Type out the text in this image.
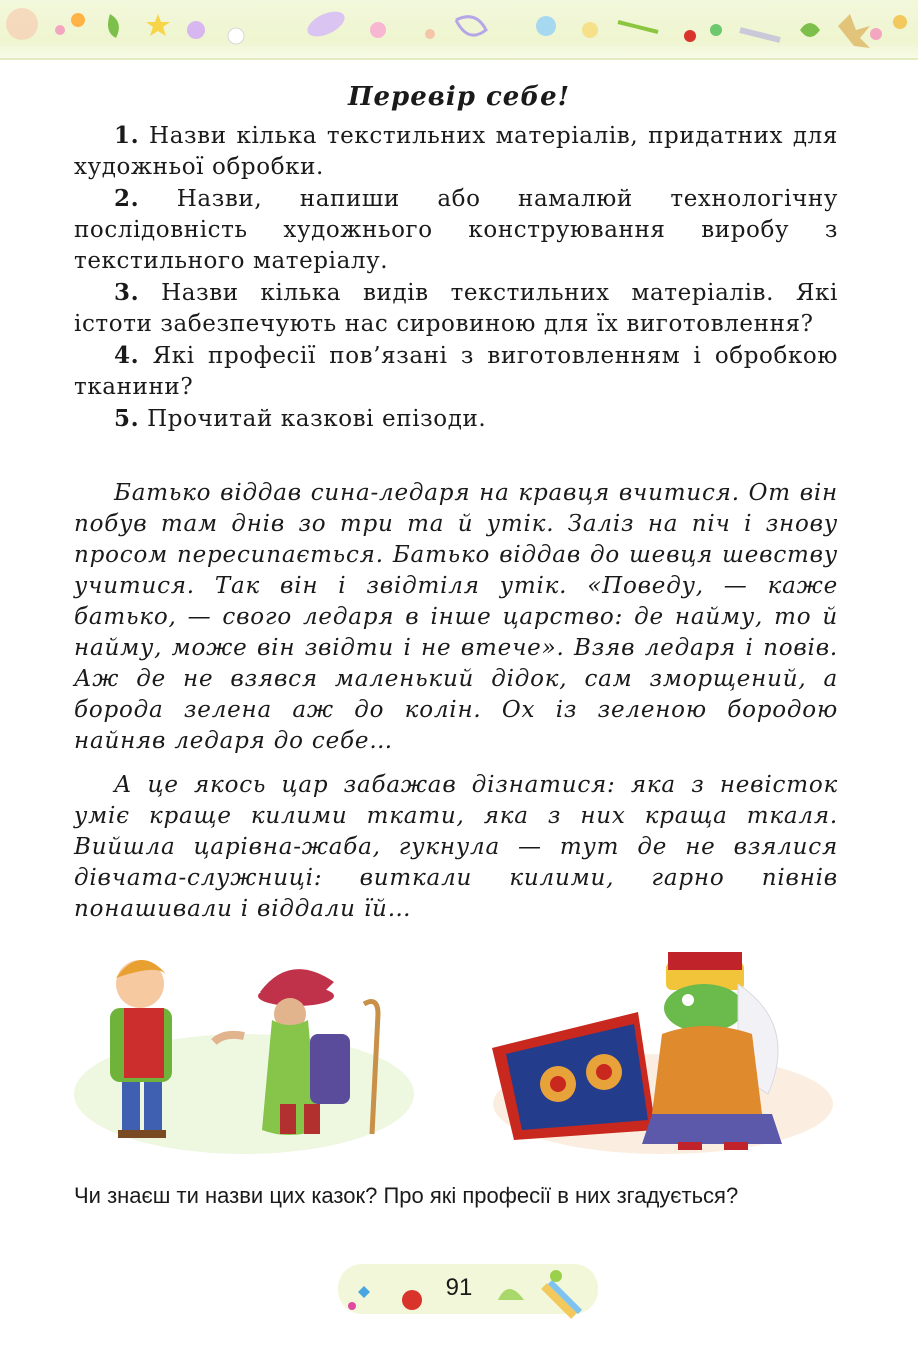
Перевір себе!

1. Назви кілька текстильних матеріалів, придатних для художньої обробки.

2. Назви, напиши або намалюй технологічну послідовність художнього конструювання виробу з текстильного матеріалу.

3. Назви кілька видів текстильних матеріалів. Які істоти забезпечують нас сировиною для їх виготовлення?

4. Які професії пов’язані з виготовленням і обробкою тканини?

5. Прочитай казкові епізоди.

Батько віддав сина-ледаря на кравця вчитися. От він побув там днів зо три та й утік. Заліз на піч і знову просом пересипається. Батько віддав до шевця шевству учитися. Так він і звідтіля утік. «Поведу, — каже батько, — свого ледаря в інше царство: де найму, то й найму, може він звідти і не втече». Взяв ледаря і повів. Аж де не взявся маленький дідок, сам зморщений, а борода зелена аж до колін. Ох із зеленою бородою найняв ледаря до себе…

А це якось цар забажав дізнатися: яка з невісток уміє краще килими ткати, яка з них краща ткаля. Вийшла царівна-жаба, гукнула — тут де не взялися дівчата-служниці: виткали килими, гарно півнів понашивали і віддали їй…

Чи знаєш ти назви цих казок? Про які професії в них згадується?
91
